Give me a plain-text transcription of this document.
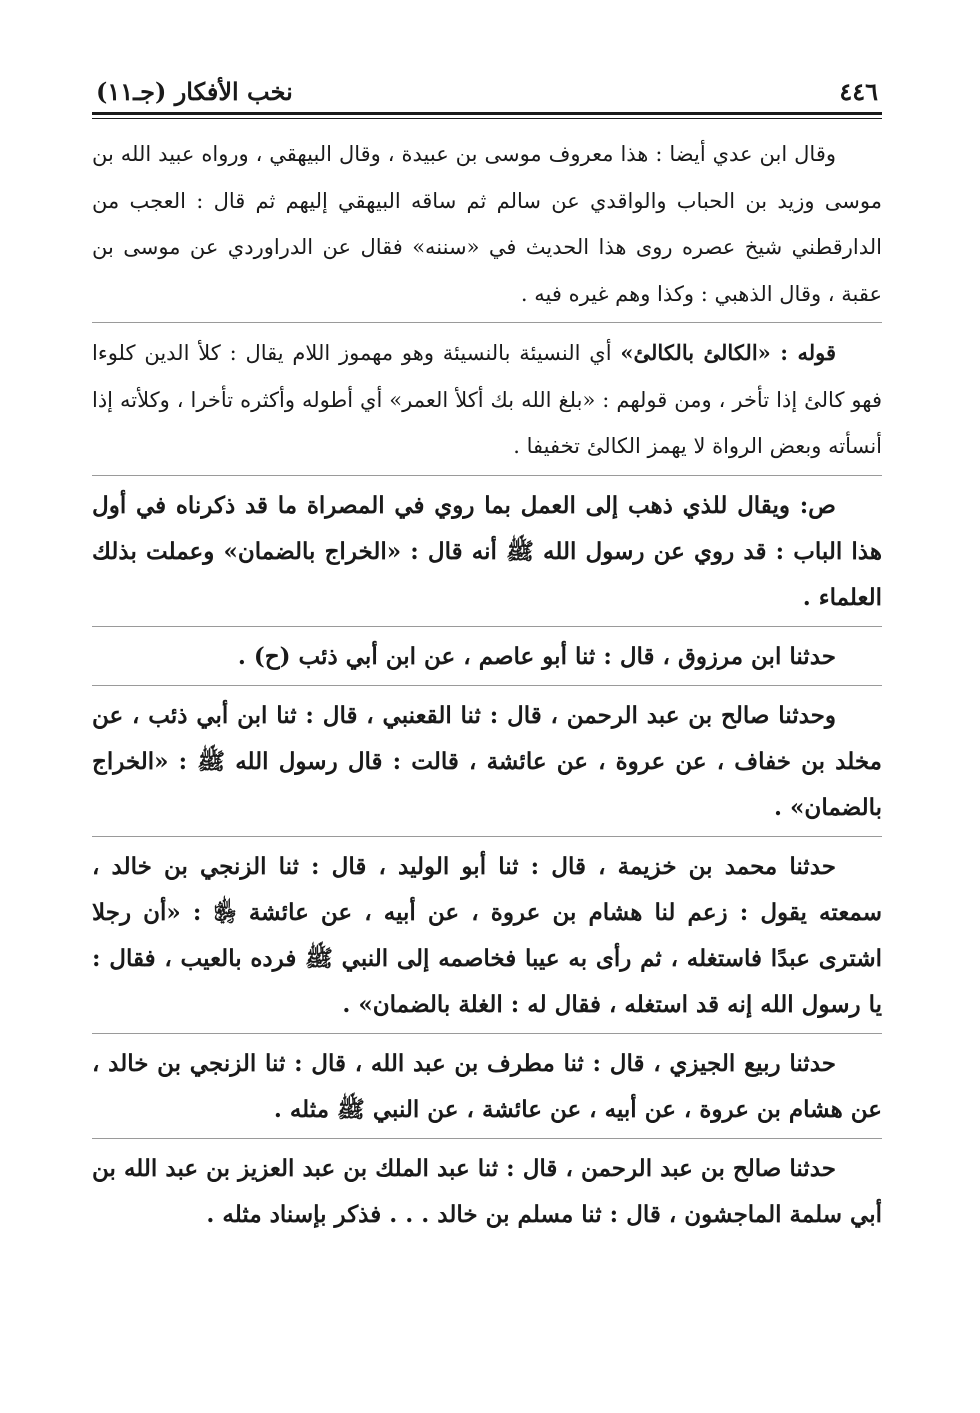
٤٤٦
نخب الأفكار (جـ١١)

وقال ابن عدي أيضا : هذا معروف موسى بن عبيدة ، وقال البيهقي ، ورواه عبيد الله بن موسى وزيد بن الحباب والواقدي عن سالم ثم ساقه البيهقي إليهم ثم قال : العجب من الدارقطني شيخ عصره روى هذا الحديث في «سننه» فقال عن الدراوردي عن موسى بن عقبة ، وقال الذهبي : وكذا وهم غيره فيه .

قوله : «الكالئ بالكالئ» أي النسيئة بالنسيئة وهو مهموز اللام يقال : كلأ الدين كلوءا فهو كالئ إذا تأخر ، ومن قولهم : «بلغ الله بك أكلأ العمر» أي أطوله وأكثره تأخرا ، وكلأته إذا أنسأته وبعض الرواة لا يهمز الكالئ تخفيفا .

ص: ويقال للذي ذهب إلى العمل بما روي في المصراة ما قد ذكرناه في أول هذا الباب : قد روي عن رسول الله ﷺ أنه قال : «الخراج بالضمان» وعملت بذلك العلماء .

حدثنا ابن مرزوق ، قال : ثنا أبو عاصم ، عن ابن أبي ذئب (ح) .

وحدثنا صالح بن عبد الرحمن ، قال : ثنا القعنبي ، قال : ثنا ابن أبي ذئب ، عن مخلد بن خفاف ، عن عروة ، عن عائشة ، قالت : قال رسول الله ﷺ : «الخراج بالضمان» .

حدثنا محمد بن خزيمة ، قال : ثنا أبو الوليد ، قال : ثنا الزنجي بن خالد ، سمعته يقول : زعم لنا هشام بن عروة ، عن أبيه ، عن عائشة ﵂ : «أن رجلا اشترى عبدًا فاستغله ، ثم رأى به عيبا فخاصمه إلى النبي ﷺ فرده بالعيب ، فقال : يا رسول الله إنه قد استغله ، فقال له : الغلة بالضمان» .

حدثنا ربيع الجيزي ، قال : ثنا مطرف بن عبد الله ، قال : ثنا الزنجي بن خالد ، عن هشام بن عروة ، عن أبيه ، عن عائشة ، عن النبي ﷺ مثله .

حدثنا صالح بن عبد الرحمن ، قال : ثنا عبد الملك بن عبد العزيز بن عبد الله بن أبي سلمة الماجشون ، قال : ثنا مسلم بن خالد . . . فذكر بإسناد مثله .
